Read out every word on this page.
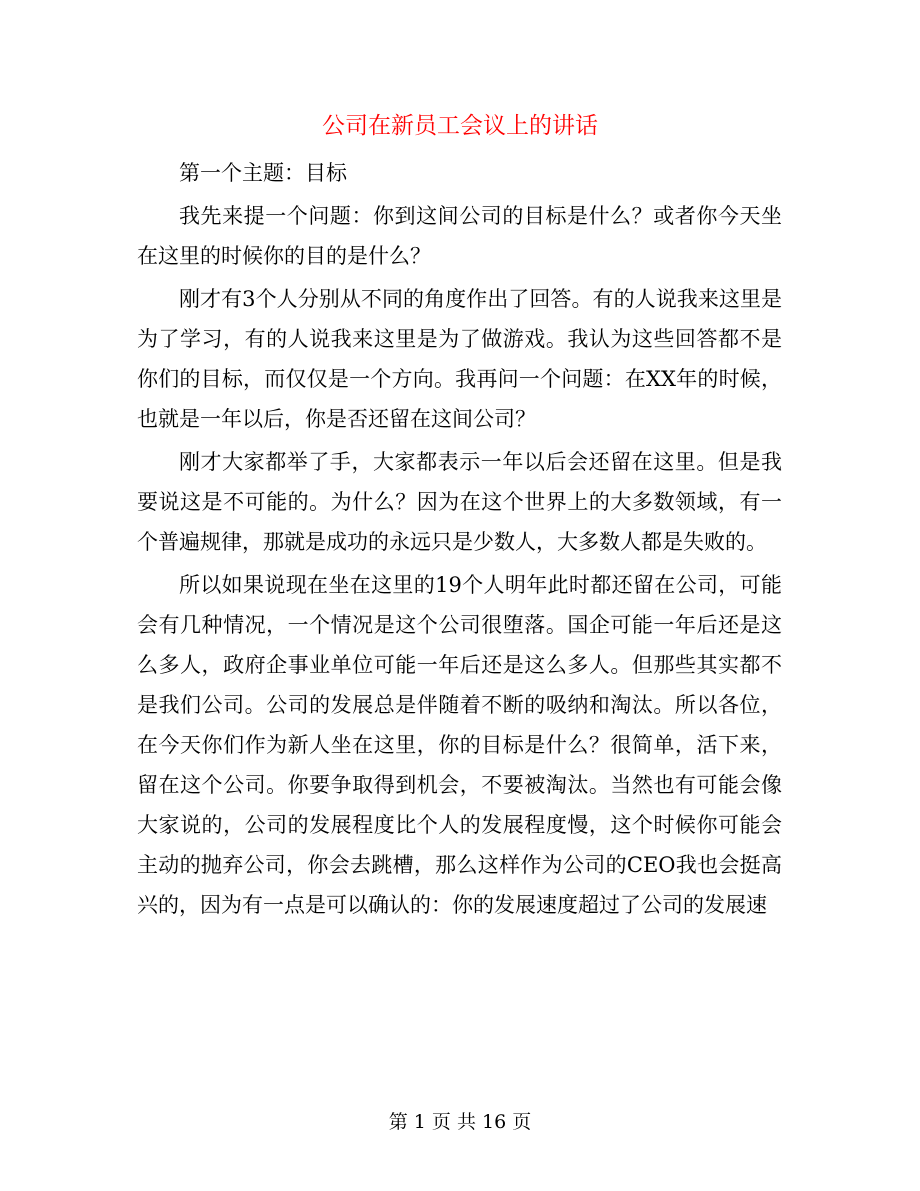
公司在新员工会议上的讲话

第一个主题：目标

我先来提一个问题：你到这间公司的目标是什么？或者你今天坐在这里的时候你的目的是什么？

刚才有3个人分别从不同的角度作出了回答。有的人说我来这里是为了学习，有的人说我来这里是为了做游戏。我认为这些回答都不是你们的目标，而仅仅是一个方向。我再问一个问题：在XX年的时候，也就是一年以后，你是否还留在这间公司？

刚才大家都举了手，大家都表示一年以后会还留在这里。但是我要说这是不可能的。为什么？因为在这个世界上的大多数领域，有一个普遍规律，那就是成功的永远只是少数人，大多数人都是失败的。

所以如果说现在坐在这里的19个人明年此时都还留在公司，可能会有几种情况，一个情况是这个公司很堕落。国企可能一年后还是这么多人，政府企事业单位可能一年后还是这么多人。但那些其实都不是我们公司。公司的发展总是伴随着不断的吸纳和淘汰。所以各位，在今天你们作为新人坐在这里，你的目标是什么？很简单，活下来，留在这个公司。你要争取得到机会，不要被淘汰。当然也有可能会像大家说的，公司的发展程度比个人的发展程度慢，这个时候你可能会主动的抛弃公司，你会去跳槽，那么这样作为公司的CEO我也会挺高兴的，因为有一点是可以确认的：你的发展速度超过了公司的发展速

第 1 页 共 16 页
